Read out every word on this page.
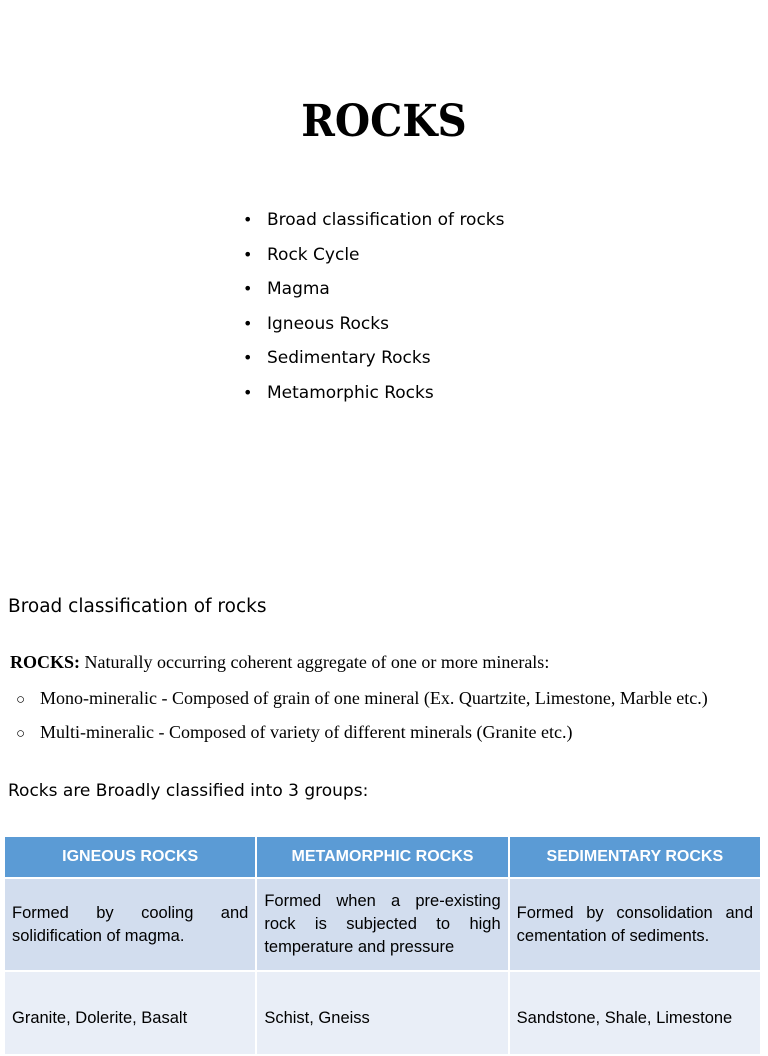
ROCKS
• Broad classification of rocks
• Rock Cycle
• Magma
• Igneous Rocks
• Sedimentary Rocks
• Metamorphic Rocks
Broad classification of rocks
ROCKS: Naturally occurring coherent aggregate of one or more minerals:
○ Mono-mineralic - Composed of grain of one mineral (Ex. Quartzite, Limestone, Marble etc.)
○ Multi-mineralic - Composed of variety of different minerals (Granite etc.)
Rocks are Broadly classified into 3 groups:
IGNEOUS ROCKS	METAMORPHIC ROCKS	SEDIMENTARY ROCKS
Formed by cooling and solidification of magma.	Formed when a pre-existing rock is subjected to high temperature and pressure	Formed by consolidation and cementation of sediments.
Granite, Dolerite, Basalt	Schist, Gneiss	Sandstone, Shale, Limestone
